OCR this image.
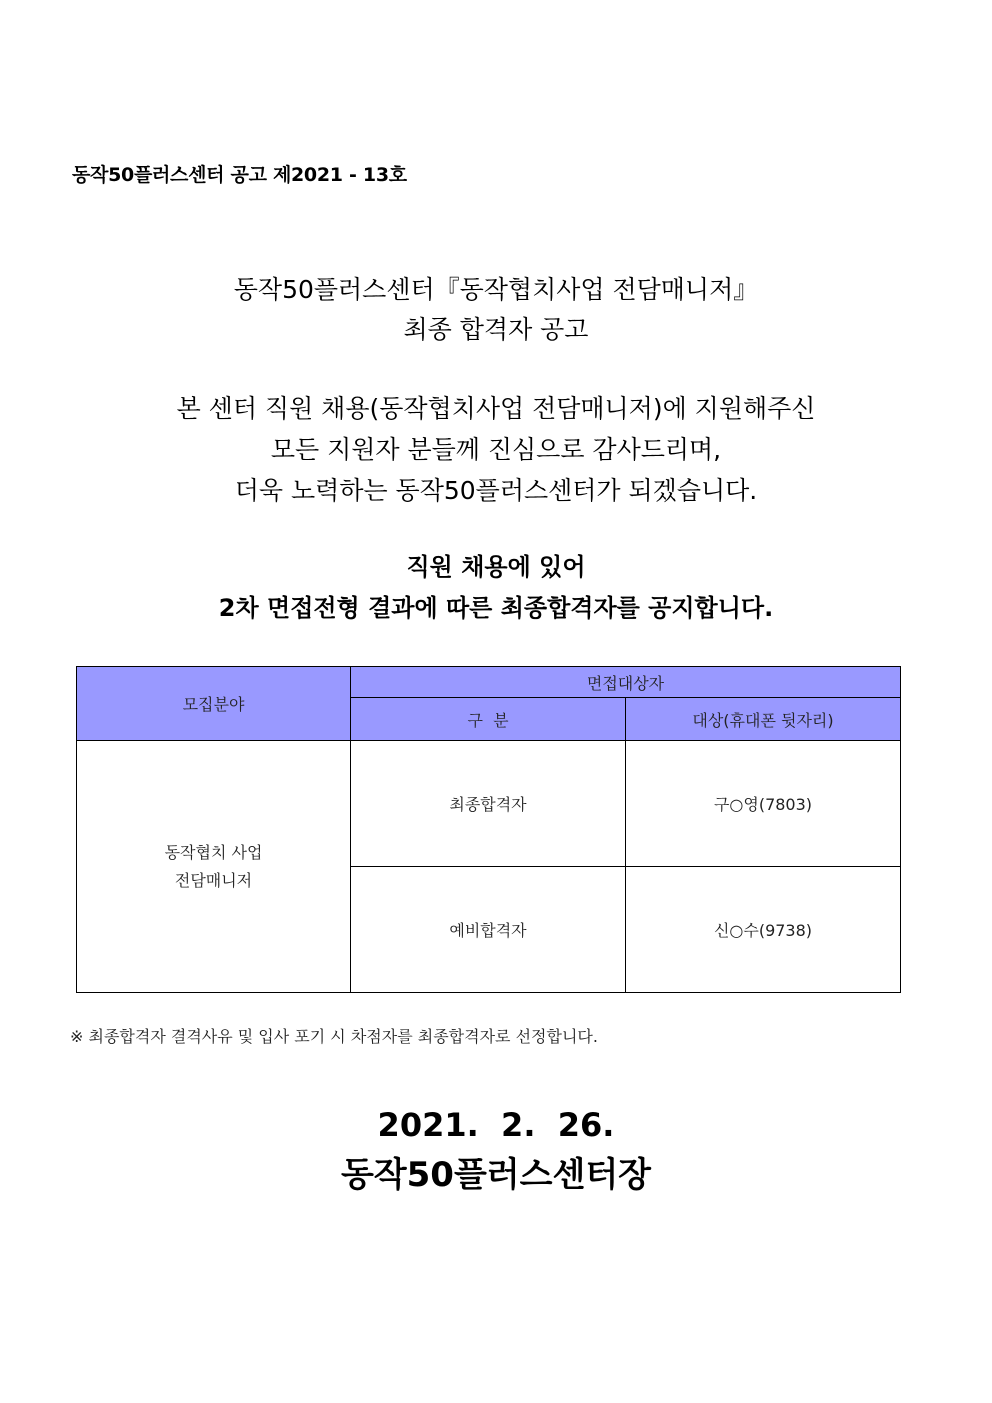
동작50플러스센터 공고 제2021 - 13호
동작50플러스센터『동작협치사업 전담매니저』
최종 합격자 공고
본 센터 직원 채용(동작협치사업 전담매니저)에 지원해주신
모든 지원자 분들께 진심으로 감사드리며,
더욱 노력하는 동작50플러스센터가 되겠습니다.
직원 채용에 있어
2차 면접전형 결과에 따른 최종합격자를 공지합니다.
모집분야	면접대상자	
	구  분	대상(휴대폰 뒷자리)

동작협치 사업
전담매니저	최종합격자	구○영(7803)
	예비합격자	신○수(9738)
※ 최종합격자 결격사유 및 입사 포기 시 차점자를 최종합격자로 선정합니다.
2021.  2.  26.
동작50플러스센터장
